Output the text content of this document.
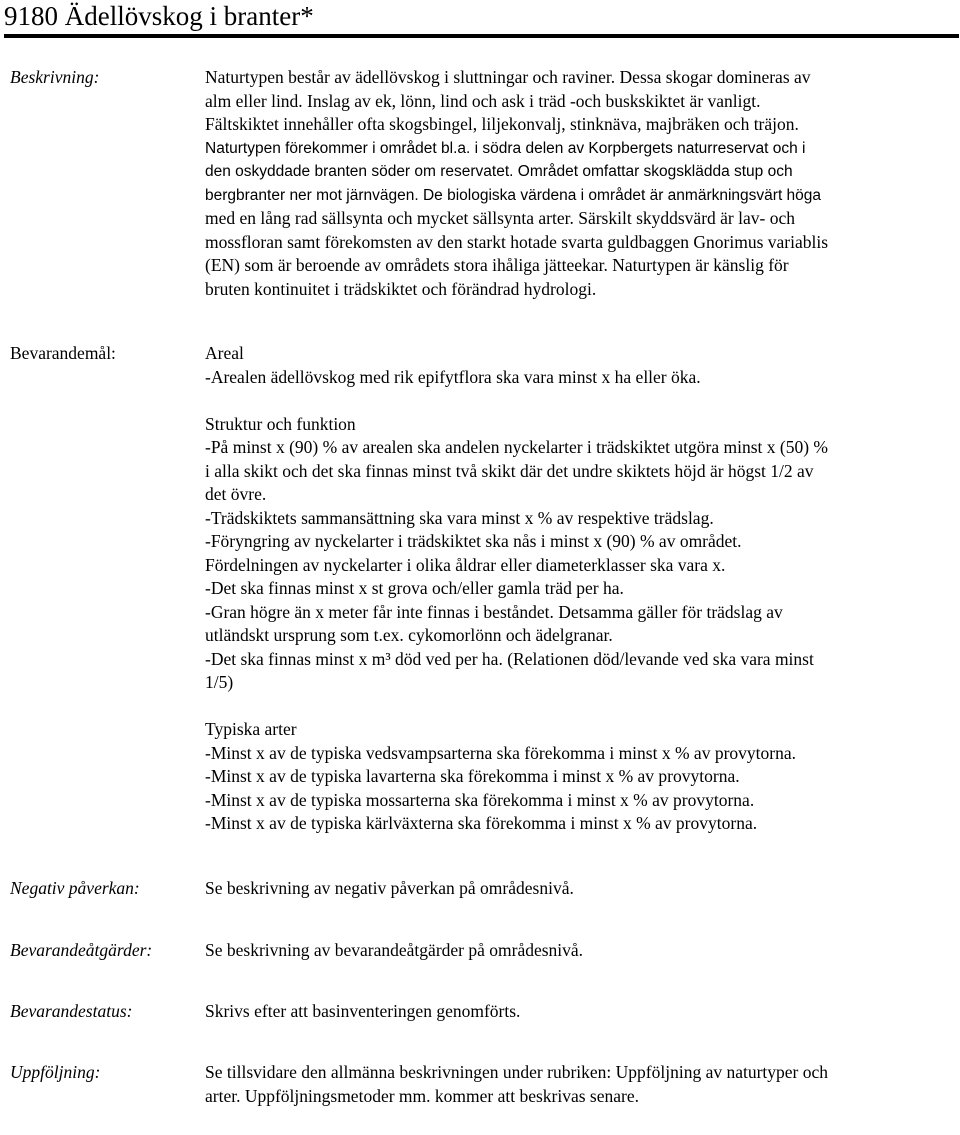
9180 Ädellövskog i branter*
Beskrivning:	Naturtypen består av ädellövskog i sluttningar och raviner. Dessa skogar domineras av
alm eller lind. Inslag av ek, lönn, lind och ask i träd -och buskskiktet är vanligt.
Fältskiktet innehåller ofta skogsbingel, liljekonvalj, stinknäva, majbräken och träjon.
Naturtypen förekommer i området bl.a. i södra delen av Korpbergets naturreservat och i
den oskyddade branten söder om reservatet. Området omfattar skogsklädda stup och
bergbranter ner mot järnvägen. De biologiska värdena i området är anmärkningsvärt höga
med en lång rad sällsynta och mycket sällsynta arter. Särskilt skyddsvärd är lav- och
mossfloran samt förekomsten av den starkt hotade svarta guldbaggen Gnorimus variablis
(EN) som är beroende av områdets stora ihåliga jätteekar. Naturtypen är känslig för
bruten kontinuitet i trädskiktet och förändrad hydrologi.
Bevarandemål:	Areal
-Arealen ädellövskog med rik epifytflora ska vara minst x ha eller öka.
Struktur och funktion
-På minst x (90) % av arealen ska andelen nyckelarter i trädskiktet utgöra minst x (50) %
i alla skikt och det ska finnas minst två skikt där det undre skiktets höjd är högst 1/2 av
det övre.
-Trädskiktets sammansättning ska vara minst x % av respektive trädslag.
-Föryngring av nyckelarter i trädskiktet ska nås i minst x (90) % av området.
Fördelningen av nyckelarter i olika åldrar eller diameterklasser ska vara x.
-Det ska finnas minst x st grova och/eller gamla träd per ha.
-Gran högre än x meter får inte finnas i beståndet. Detsamma gäller för trädslag av
utländskt ursprung som t.ex. cykomorlönn och ädelgranar.
-Det ska finnas minst x m³ död ved per ha. (Relationen död/levande ved ska vara minst
1/5)
Typiska arter
-Minst x av de typiska vedsvampsarterna ska förekomma i minst x % av provytorna.
-Minst x av de typiska lavarterna ska förekomma i minst x % av provytorna.
-Minst x av de typiska mossarterna ska förekomma i minst x % av provytorna.
-Minst x av de typiska kärlväxterna ska förekomma i minst x % av provytorna.
Negativ påverkan:	Se beskrivning av negativ påverkan på områdesnivå.
Bevarandeåtgärder:	Se beskrivning av bevarandeåtgärder på områdesnivå.
Bevarandestatus:	Skrivs efter att basinventeringen genomförts.
Uppföljning:	Se tillsvidare den allmänna beskrivningen under rubriken: Uppföljning av naturtyper och
arter. Uppföljningsmetoder mm. kommer att beskrivas senare.
